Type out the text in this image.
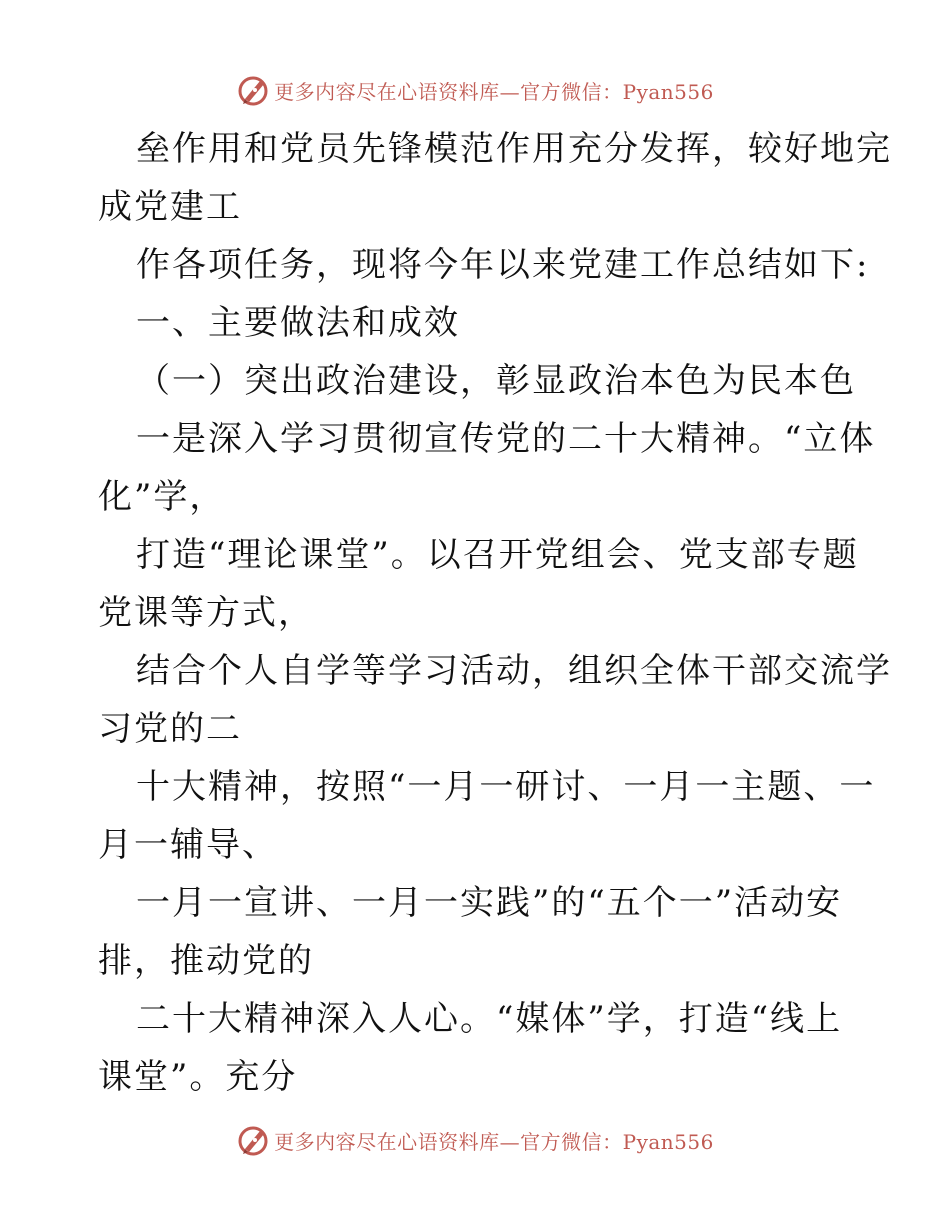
更多内容尽在心语资料库—官方微信：Pyan556

垒作用和党员先锋模范作用充分发挥，较好地完
成党建工

作各项任务，现将今年以来党建工作总结如下:

一、主要做法和成效

（一）突出政治建设，彰显政治本色为民本色

一是深入学习贯彻宣传党的二十大精神。“立体
化”学，

打造“理论课堂”。以召开党组会、党支部专题
党课等方式，

结合个人自学等学习活动，组织全体干部交流学
习党的二

十大精神，按照“一月一研讨、一月一主题、一
月一辅导、

一月一宣讲、一月一实践”的“五个一”活动安
排，推动党的

二十大精神深入人心。“媒体”学，打造“线上
课堂”。充分

更多内容尽在心语资料库—官方微信：Pyan556
